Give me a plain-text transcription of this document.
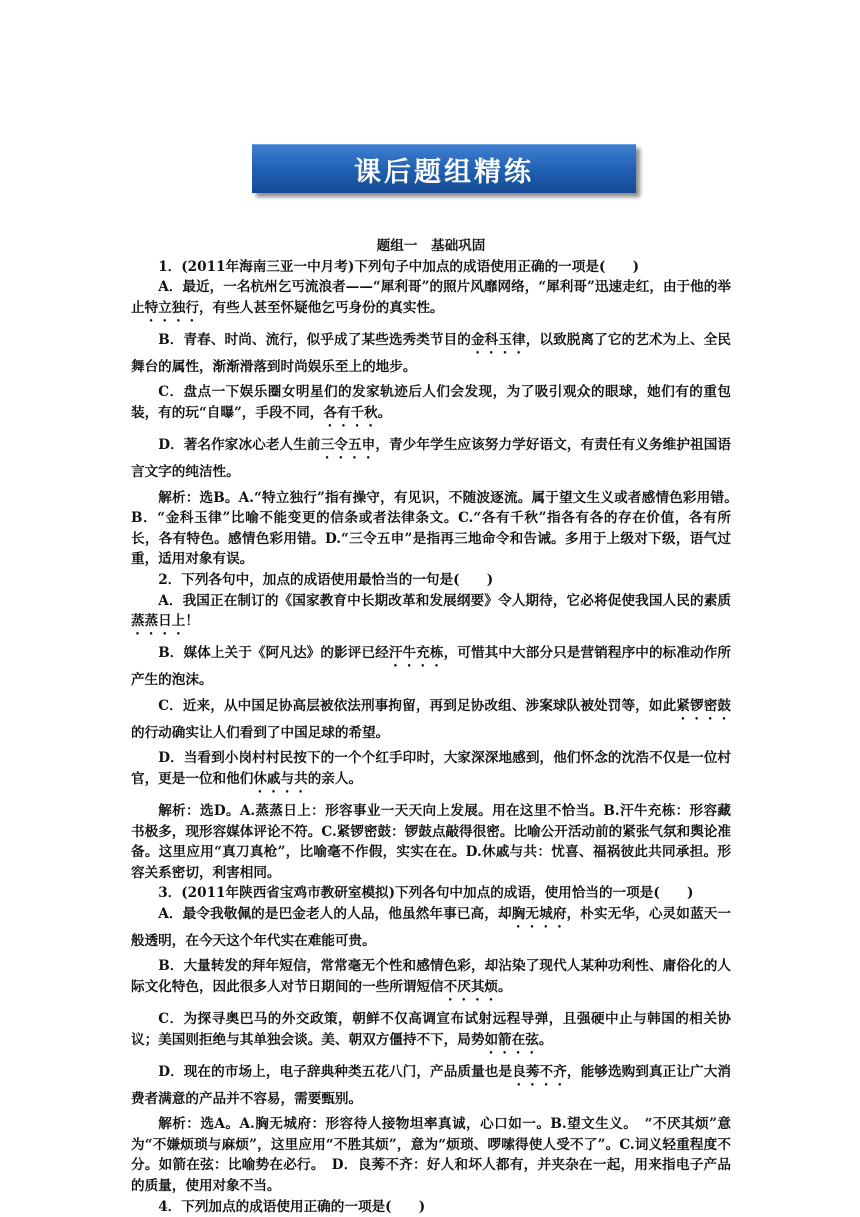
课后题组精练

题组一　基础巩固

1．(2011年海南三亚一中月考)下列句子中加点的成语使用正确的一项是(　　)

A．最近，一名杭州乞丐流浪者——“犀利哥”的照片风靡网络，“犀利哥”迅速走红，由于他的举止特立独行，有些人甚至怀疑他乞丐身份的真实性。

B．青春、时尚、流行，似乎成了某些选秀类节目的金科玉律，以致脱离了它的艺术为上、全民舞台的属性，渐渐滑落到时尚娱乐至上的地步。

C．盘点一下娱乐圈女明星们的发家轨迹后人们会发现，为了吸引观众的眼球，她们有的重包装，有的玩“自曝”，手段不同，各有千秋。

D．著名作家冰心老人生前三令五申，青少年学生应该努力学好语文，有责任有义务维护祖国语言文字的纯洁性。

解析：选B。A.“特立独行”指有操守，有见识，不随波逐流。属于望文生义或者感情色彩用错。　B．“金科玉律”比喻不能变更的信条或者法律条文。C.“各有千秋”指各有各的存在价值，各有所长，各有特色。感情色彩用错。D.“三令五申”是指再三地命令和告诫。多用于上级对下级，语气过重，适用对象有误。

2．下列各句中，加点的成语使用最恰当的一句是(　　)

A．我国正在制订的《国家教育中长期改革和发展纲要》令人期待，它必将促使我国人民的素质蒸蒸日上！

B．媒体上关于《阿凡达》的影评已经汗牛充栋，可惜其中大部分只是营销程序中的标准动作所产生的泡沫。

C．近来，从中国足协高层被依法刑事拘留，再到足协改组、涉案球队被处罚等，如此紧锣密鼓的行动确实让人们看到了中国足球的希望。

D．当看到小岗村村民按下的一个个红手印时，大家深深地感到，他们怀念的沈浩不仅是一位村官，更是一位和他们休戚与共的亲人。

解析：选D。A.蒸蒸日上：形容事业一天天向上发展。用在这里不恰当。B.汗牛充栋：形容藏书极多，现形容媒体评论不符。C.紧锣密鼓：锣鼓点敲得很密。比喻公开活动前的紧张气氛和舆论准备。这里应用“真刀真枪”，比喻毫不作假，实实在在。D.休戚与共：忧喜、福祸彼此共同承担。形容关系密切，利害相同。

3．(2011年陕西省宝鸡市教研室模拟)下列各句中加点的成语，使用恰当的一项是(　　)

A．最令我敬佩的是巴金老人的人品，他虽然年事已高，却胸无城府，朴实无华，心灵如蓝天一般透明，在今天这个年代实在难能可贵。

B．大量转发的拜年短信，常常毫无个性和感情色彩，却沾染了现代人某种功利性、庸俗化的人际文化特色，因此很多人对节日期间的一些所谓短信不厌其烦。

C．为探寻奥巴马的外交政策，朝鲜不仅高调宣布试射远程导弹，且强硬中止与韩国的相关协议；美国则拒绝与其单独会谈。美、朝双方僵持不下，局势如箭在弦。

D．现在的市场上，电子辞典种类五花八门，产品质量也是良莠不齐，能够选购到真正让广大消费者满意的产品并不容易，需要甄别。

解析：选A。A.胸无城府：形容待人接物坦率真诚，心口如一。B.望文生义。　“不厌其烦”意为“不嫌烦琐与麻烦”，这里应用“不胜其烦”，意为“烦琐、啰嗦得使人受不了”。C.词义轻重程度不分。如箭在弦：比喻势在必行。　D．良莠不齐：好人和坏人都有，并夹杂在一起，用来指电子产品的质量，使用对象不当。

4．下列加点的成语使用正确的一项是(　　)
